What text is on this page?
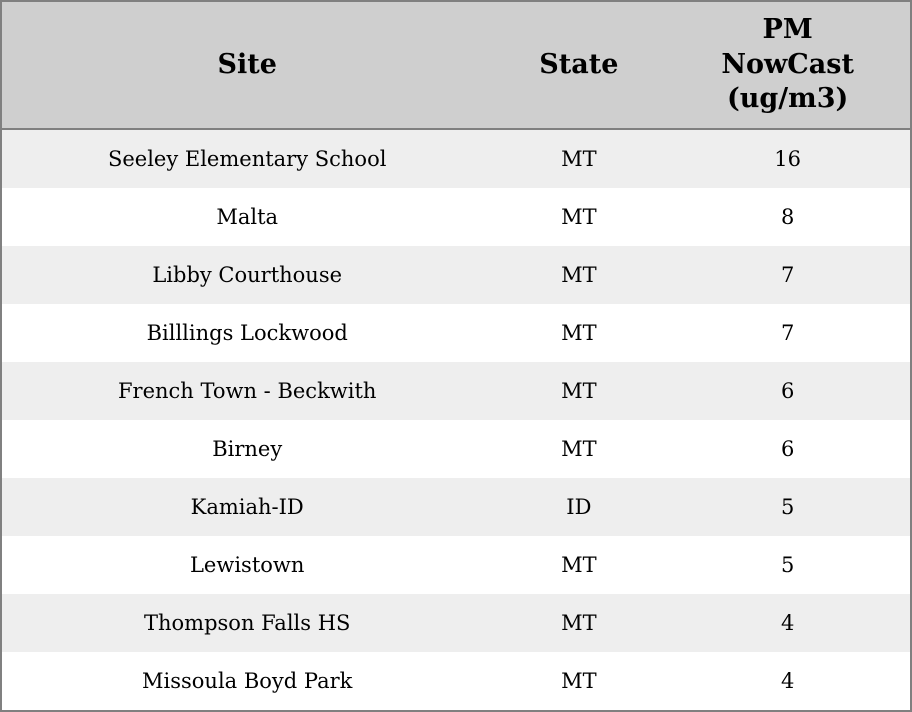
Site	State	PM NowCast (ug/m3)
Seeley Elementary School	MT	16
Malta	MT	8
Libby Courthouse	MT	7
Billlings Lockwood	MT	7
French Town - Beckwith	MT	6
Birney	MT	6
Kamiah-ID	ID	5
Lewistown	MT	5
Thompson Falls HS	MT	4
Missoula Boyd Park	MT	4
